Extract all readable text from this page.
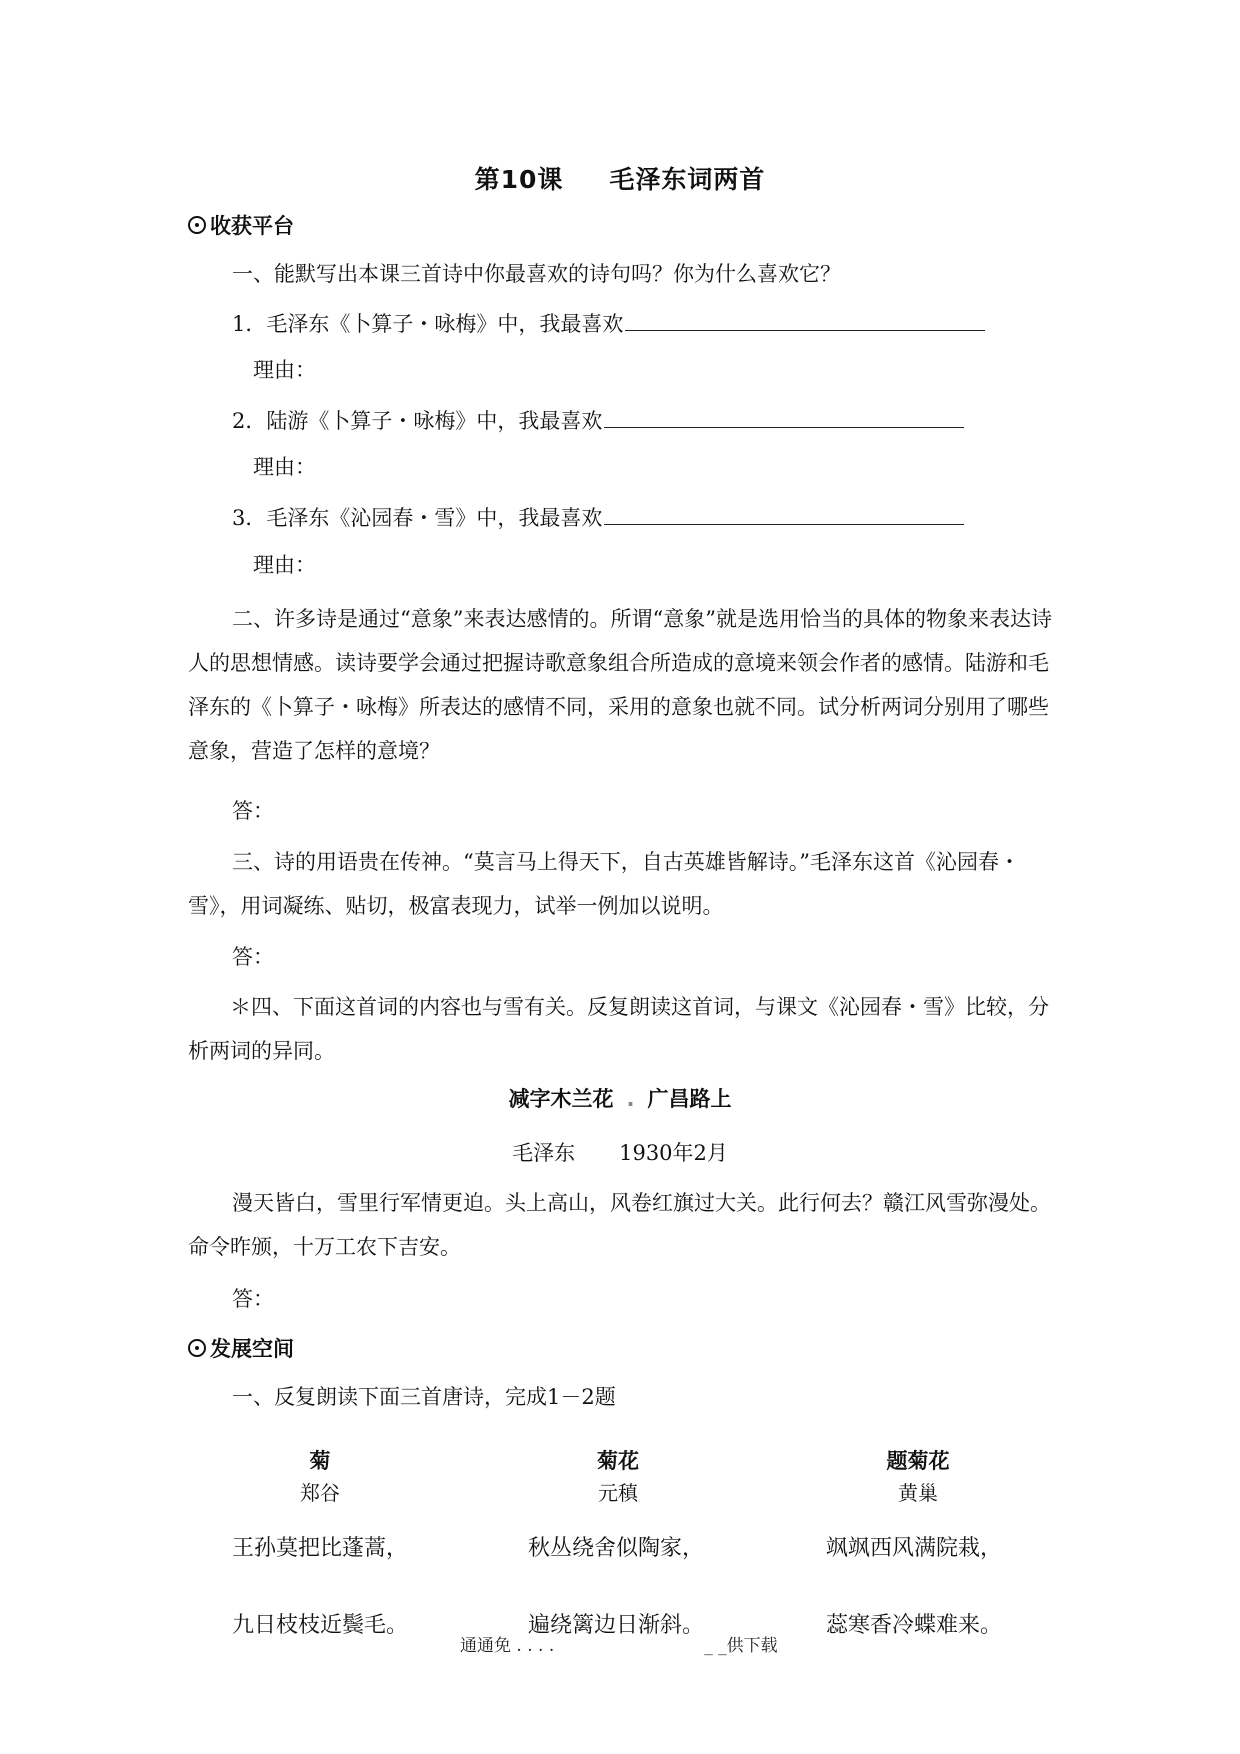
第10课 毛泽东词两首
收获平台
一、能默写出本课三首诗中你最喜欢的诗句吗？你为什么喜欢它？
1．毛泽东《卜算子・咏梅》中，我最喜欢
理由：
2．陆游《卜算子・咏梅》中，我最喜欢
理由：
3．毛泽东《沁园春・雪》中，我最喜欢
理由：
二、许多诗是通过“意象”来表达感情的。所谓“意象”就是选用恰当的具体的物象来表达诗人的思想情感。读诗要学会通过把握诗歌意象组合所造成的意境来领会作者的感情。陆游和毛泽东的《卜算子・咏梅》所表达的感情不同，采用的意象也就不同。试分析两词分别用了哪些意象，营造了怎样的意境？
答：
三、诗的用语贵在传神。“莫言马上得天下，自古英雄皆解诗。”毛泽东这首《沁园春・雪》，用词凝练、贴切，极富表现力，试举一例加以说明。
答：
＊四、下面这首词的内容也与雪有关。反复朗读这首词，与课文《沁园春・雪》比较，分析两词的异同。
减字木兰花 . 广昌路上
毛泽东 1930年2月
漫天皆白，雪里行军情更迫。头上高山，风卷红旗过大关。此行何去？赣江风雪弥漫处。命令昨颁，十万工农下吉安。
答：
发展空间
一、反复朗读下面三首唐诗，完成1－2题
菊
郑谷
王孙莫把比蓬蒿，
九日枝枝近鬓毛。
菊花
元稹
秋丛绕舍似陶家，
遍绕篱边日渐斜。
题菊花
黄巢
飒飒西风满院栽，
蕊寒香冷蝶难来。
通通免 . . . .	_ _供下载
